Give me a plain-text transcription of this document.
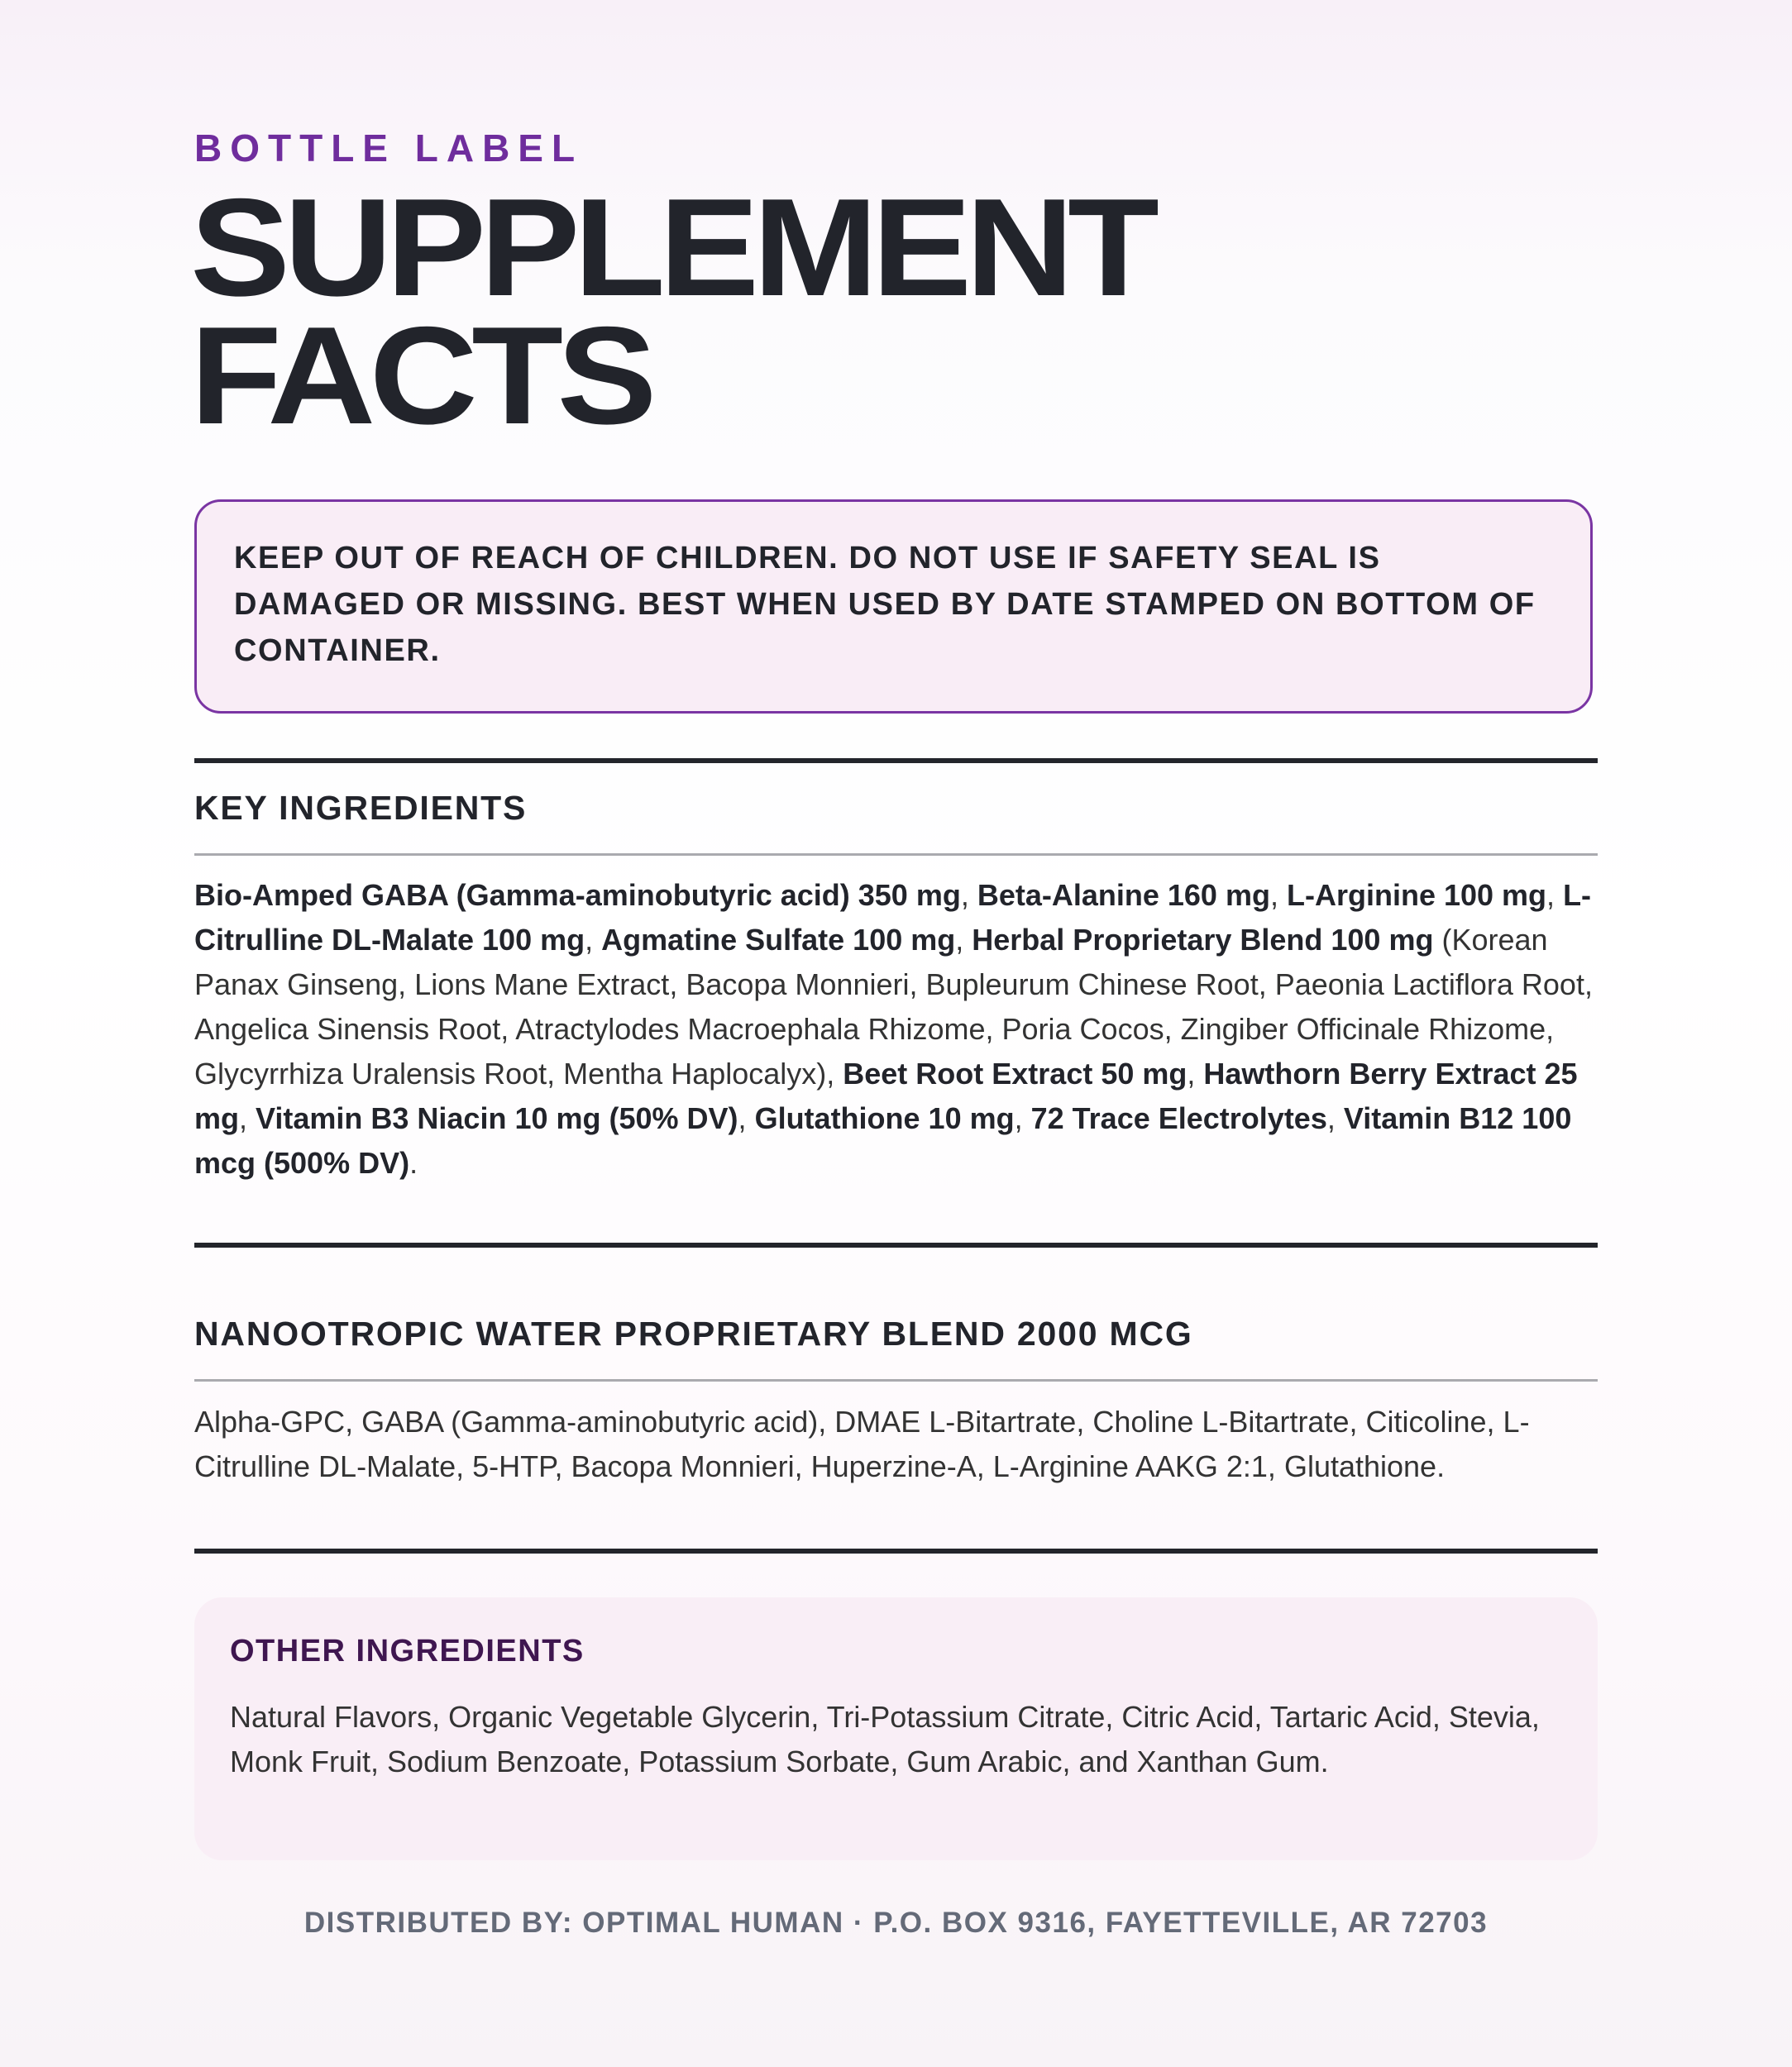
BOTTLE LABEL

SUPPLEMENT
FACTS

KEEP OUT OF REACH OF CHILDREN. DO NOT USE IF SAFETY SEAL IS DAMAGED OR MISSING. BEST WHEN USED BY DATE STAMPED ON BOTTOM OF CONTAINER.

KEY INGREDIENTS

Bio-Amped GABA (Gamma-aminobutyric acid) 350 mg, Beta-Alanine 160 mg, L-Arginine 100 mg, L-Citrulline DL-Malate 100 mg, Agmatine Sulfate 100 mg, Herbal Proprietary Blend 100 mg (Korean Panax Ginseng, Lions Mane Extract, Bacopa Monnieri, Bupleurum Chinese Root, Paeonia Lactiflora Root, Angelica Sinensis Root, Atractylodes Macroephala Rhizome, Poria Cocos, Zingiber Officinale Rhizome, Glycyrrhiza Uralensis Root, Mentha Haplocalyx), Beet Root Extract 50 mg, Hawthorn Berry Extract 25 mg, Vitamin B3 Niacin 10 mg (50% DV), Glutathione 10 mg, 72 Trace Electrolytes, Vitamin B12 100 mcg (500% DV).

NANOOTROPIC WATER PROPRIETARY BLEND 2000 MCG

Alpha-GPC, GABA (Gamma-aminobutyric acid), DMAE L-Bitartrate, Choline L-Bitartrate, Citicoline, L-Citrulline DL-Malate, 5-HTP, Bacopa Monnieri, Huperzine-A, L-Arginine AAKG 2:1, Glutathione.

OTHER INGREDIENTS

Natural Flavors, Organic Vegetable Glycerin, Tri-Potassium Citrate, Citric Acid, Tartaric Acid, Stevia, Monk Fruit, Sodium Benzoate, Potassium Sorbate, Gum Arabic, and Xanthan Gum.

DISTRIBUTED BY: OPTIMAL HUMAN · P.O. BOX 9316, FAYETTEVILLE, AR 72703
